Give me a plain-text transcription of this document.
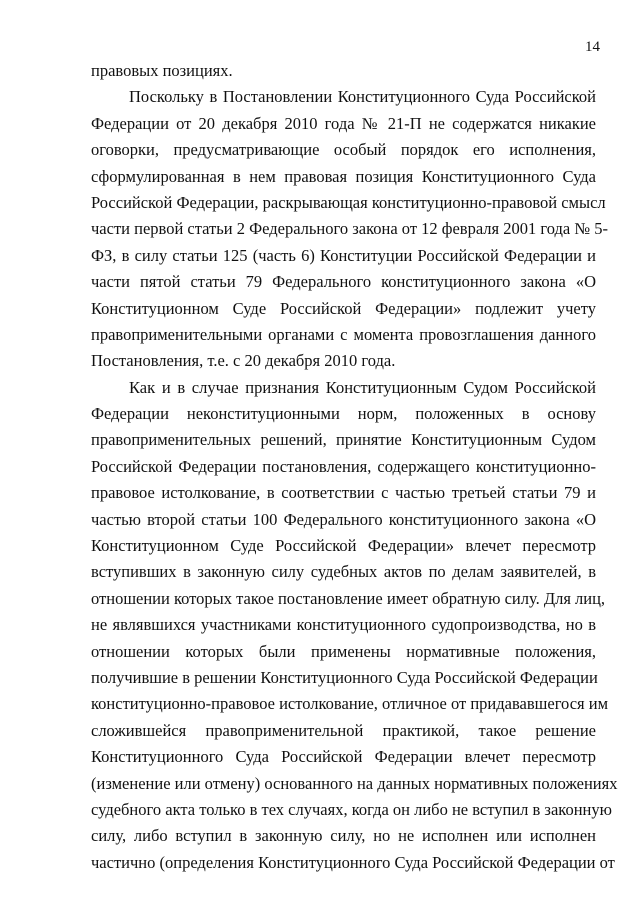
14
правовых позициях.
Поскольку в Постановлении Конституционного Суда Российской
Федерации от 20 декабря 2010 года № 21-П не содержатся никакие
оговорки, предусматривающие особый порядок его исполнения,
сформулированная в нем правовая позиция Конституционного Суда
Российской Федерации, раскрывающая конституционно-правовой смысл
части первой статьи 2 Федерального закона от 12 февраля 2001 года № 5-
ФЗ, в силу статьи 125 (часть 6) Конституции Российской Федерации и
части пятой статьи 79 Федерального конституционного закона «О
Конституционном Суде Российской Федерации» подлежит учету
правоприменительными органами с момента провозглашения данного
Постановления, т.е. с 20 декабря 2010 года.
Как и в случае признания Конституционным Судом Российской
Федерации неконституционными норм, положенных в основу
правоприменительных решений, принятие Конституционным Судом
Российской Федерации постановления, содержащего конституционно-
правовое истолкование, в соответствии с частью третьей статьи 79 и
частью второй статьи 100 Федерального конституционного закона «О
Конституционном Суде Российской Федерации» влечет пересмотр
вступивших в законную силу судебных актов по делам заявителей, в
отношении которых такое постановление имеет обратную силу. Для лиц,
не являвшихся участниками конституционного судопроизводства, но в
отношении которых были применены нормативные положения,
получившие в решении Конституционного Суда Российской Федерации
конституционно-правовое истолкование, отличное от придававшегося им
сложившейся правоприменительной практикой, такое решение
Конституционного Суда Российской Федерации влечет пересмотр
(изменение или отмену) основанного на данных нормативных положениях
судебного акта только в тех случаях, когда он либо не вступил в законную
силу, либо вступил в законную силу, но не исполнен или исполнен
частично (определения Конституционного Суда Российской Федерации от
